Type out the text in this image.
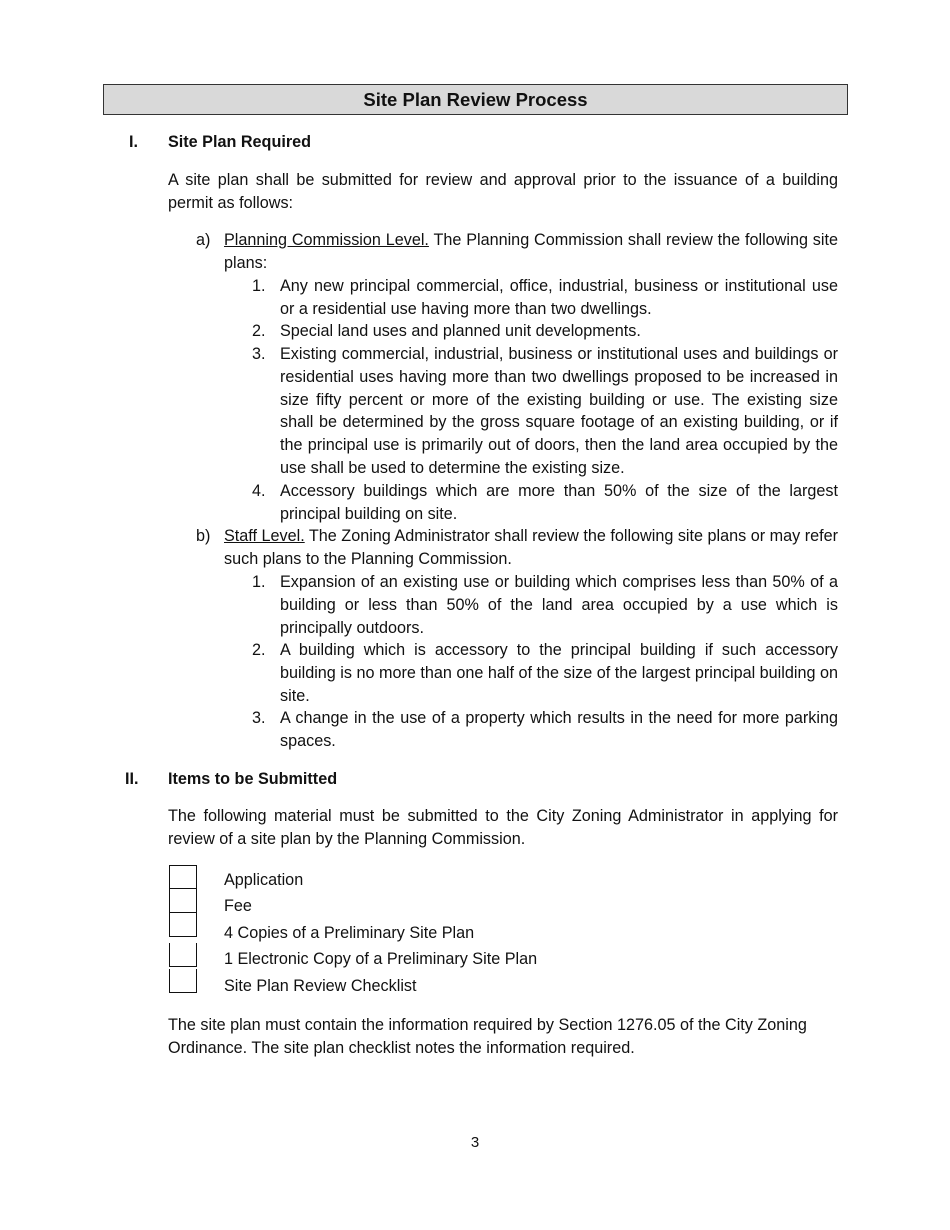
Site Plan Review Process
I. Site Plan Required
A site plan shall be submitted for review and approval prior to the issuance of a building permit as follows:
a) Planning Commission Level. The Planning Commission shall review the following site plans:
1. Any new principal commercial, office, industrial, business or institutional use or a residential use having more than two dwellings.
2. Special land uses and planned unit developments.
3. Existing commercial, industrial, business or institutional uses and buildings or residential uses having more than two dwellings proposed to be increased in size fifty percent or more of the existing building or use. The existing size shall be determined by the gross square footage of an existing building, or if the principal use is primarily out of doors, then the land area occupied by the use shall be used to determine the existing size.
4. Accessory buildings which are more than 50% of the size of the largest principal building on site.
b) Staff Level. The Zoning Administrator shall review the following site plans or may refer such plans to the Planning Commission.
1. Expansion of an existing use or building which comprises less than 50% of a building or less than 50% of the land area occupied by a use which is principally outdoors.
2. A building which is accessory to the principal building if such accessory building is no more than one half of the size of the largest principal building on site.
3. A change in the use of a property which results in the need for more parking spaces.
II. Items to be Submitted
The following material must be submitted to the City Zoning Administrator in applying for review of a site plan by the Planning Commission.
Application
Fee
4 Copies of a Preliminary Site Plan
1 Electronic Copy of a Preliminary Site Plan
Site Plan Review Checklist
The site plan must contain the information required by Section 1276.05 of the City Zoning Ordinance. The site plan checklist notes the information required.
3
